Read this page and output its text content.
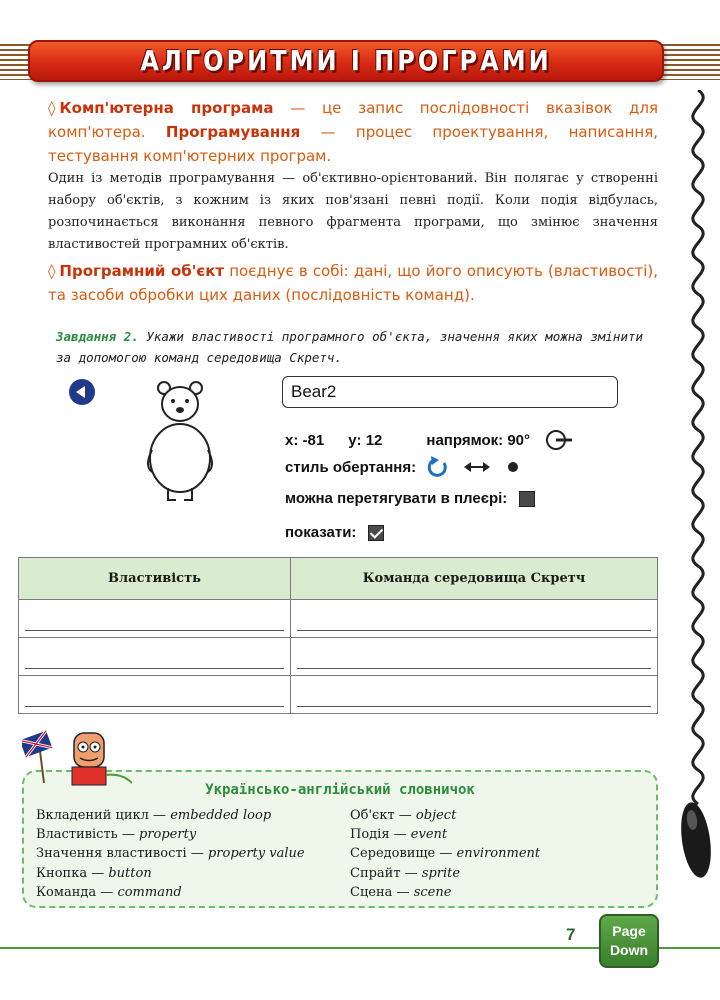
АЛГОРИТМИ І ПРОГРАМИ
◊ Комп'ютерна програма — це запис послідовності вказівок для комп'ютера. Програмування — процес проектування, написання, тестування комп'ютерних програм.
Один із методів програмування — об'єктивно-орієнтований. Він полягає у створенні набору об'єктів, з кожним із яких пов'язані певні події. Коли подія відбулась, розпочинається виконання певного фрагмента програми, що змінює значення властивостей програмних об'єктів.
◊ Програмний об'єкт поєднує в собі: дані, що його описують (властивості), та засоби обробки цих даних (послідовність команд).
Завдання 2. Укажи властивості програмного об'єкта, значення яких можна змінити за допомогою команд середовища Скретч.
Bear2
x:
-81 y:
12	напрямок:
90°
стиль обертання:
можна перетягувати в плеєрі:
показати:
Властивість	Команда середовища Скретч

Українсько-англійський словничок
Вкладений цикл — embedded loop
Властивість — property
Значення властивості — property value
Кнопка — button
Команда — command
Об'єкт — object
Подія — event
Середовище — environment
Спрайт — sprite
Сцена — scene
7	Page
Down
